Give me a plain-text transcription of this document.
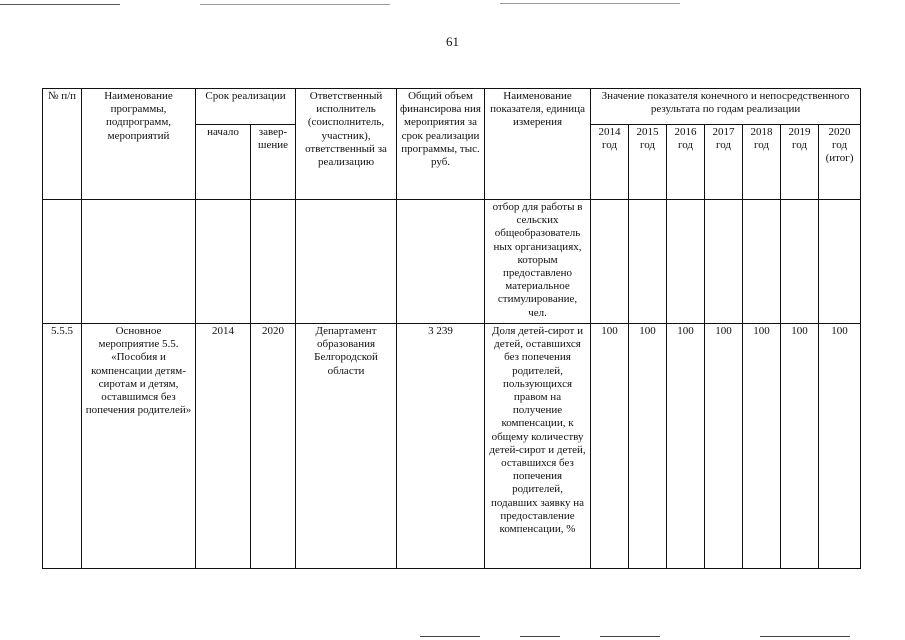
61
№ п/п	Наименование программы, подпрограмм, мероприятий	Срок реализации		Ответственный исполнитель (соисполнитель, участник), ответственный за реализацию	Общий объем финансирова ния мероприятия за срок реализации программы, тыс. руб.	Наименование показателя, единица измерения	Значение показателя конечного и непосредственного результата по годам реализации						
		начало	завер-шение				2014 год	2015 год	2016 год	2017 год	2018 год	2019 год	2020 год (итог)
						отбор для работы в сельских общеобразователь ных организациях, которым предоставлено материальное стимулирование, чел.							
5.5.5	Основное мероприятие 5.5. «Пособия и компенсации детям-сиротам и детям, оставшимся без попечения родителей»	2014	2020	Департамент образования Белгородской области	3 239	Доля детей-сирот и детей, оставшихся без попечения родителей, пользующихся правом на получение компенсации, к общему количеству детей-сирот и детей, оставшихся без попечения родителей, подавших заявку на предоставление компенсации, %	100	100	100	100	100	100	100
